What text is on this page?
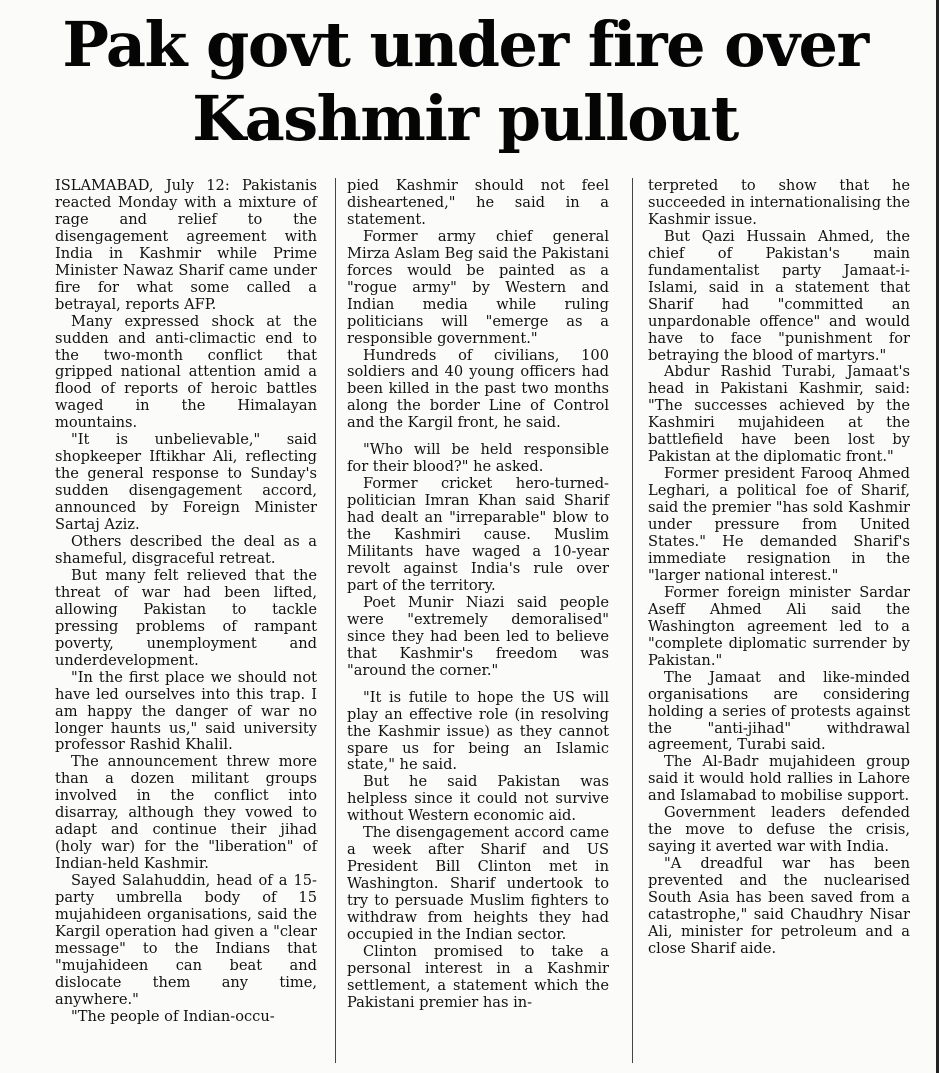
Pak govt under fire over
Kashmir pullout

ISLAMABAD, July 12: Pakistanis reacted Monday with a mixture of rage and relief to the disengagement agreement with India in Kashmir while Prime Minister Nawaz Sharif came under fire for what some called a betrayal, reports AFP.

Many expressed shock at the sudden and anti-climactic end to the two-month conflict that gripped national attention amid a flood of reports of heroic battles waged in the Himalayan mountains.

"It is unbelievable," said shopkeeper Iftikhar Ali, reflecting the general response to Sunday's sudden disengagement accord, announced by Foreign Minister Sartaj Aziz.

Others described the deal as a shameful, disgraceful retreat.

But many felt relieved that the threat of war had been lifted, allowing Pakistan to tackle pressing problems of rampant poverty, unemployment and underdevelopment.

"In the first place we should not have led ourselves into this trap. I am happy the danger of war no longer haunts us," said university professor Rashid Khalil.

The announcement threw more than a dozen militant groups involved in the conflict into disarray, although they vowed to adapt and continue their jihad (holy war) for the "liberation" of Indian-held Kashmir.

Sayed Salahuddin, head of a 15-party umbrella body of 15 mujahideen organisations, said the Kargil operation had given a "clear message" to the Indians that "mujahideen can beat and dislocate them any time, anywhere."

"The people of Indian-occu-

pied Kashmir should not feel disheartened," he said in a statement.

Former army chief general Mirza Aslam Beg said the Pakistani forces would be painted as a "rogue army" by Western and Indian media while ruling politicians will "emerge as a responsible government."

Hundreds of civilians, 100 soldiers and 40 young officers had been killed in the past two months along the border Line of Control and the Kargil front, he said.

"Who will be held responsible for their blood?" he asked.

Former cricket hero-turned-politician Imran Khan said Sharif had dealt an "irreparable" blow to the Kashmiri cause. Muslim Militants have waged a 10-year revolt against India's rule over part of the territory.

Poet Munir Niazi said people were "extremely demoralised" since they had been led to believe that Kashmir's freedom was "around the corner."

"It is futile to hope the US will play an effective role (in resolving the Kashmir issue) as they cannot spare us for being an Islamic state," he said.

But he said Pakistan was helpless since it could not survive without Western economic aid.

The disengagement accord came a week after Sharif and US President Bill Clinton met in Washington. Sharif undertook to try to persuade Muslim fighters to withdraw from heights they had occupied in the Indian sector.

Clinton promised to take a personal interest in a Kashmir settlement, a statement which the Pakistani premier has in-

terpreted to show that he succeeded in internationalising the Kashmir issue.

But Qazi Hussain Ahmed, the chief of Pakistan's main fundamentalist party Jamaat-i-Islami, said in a statement that Sharif had "committed an unpardonable offence" and would have to face "punishment for betraying the blood of martyrs."

Abdur Rashid Turabi, Jamaat's head in Pakistani Kashmir, said: "The successes achieved by the Kashmiri mujahideen at the battlefield have been lost by Pakistan at the diplomatic front."

Former president Farooq Ahmed Leghari, a political foe of Sharif, said the premier "has sold Kashmir under pressure from United States." He demanded Sharif's immediate resignation in the "larger national interest."

Former foreign minister Sardar Aseff Ahmed Ali said the Washington agreement led to a "complete diplomatic surrender by Pakistan."

The Jamaat and like-minded organisations are considering holding a series of protests against the "anti-jihad" withdrawal agreement, Turabi said.

The Al-Badr mujahideen group said it would hold rallies in Lahore and Islamabad to mobilise support.

Government leaders defended the move to defuse the crisis, saying it averted war with India.

"A dreadful war has been prevented and the nuclearised South Asia has been saved from a catastrophe," said Chaudhry Nisar Ali, minister for petroleum and a close Sharif aide.
